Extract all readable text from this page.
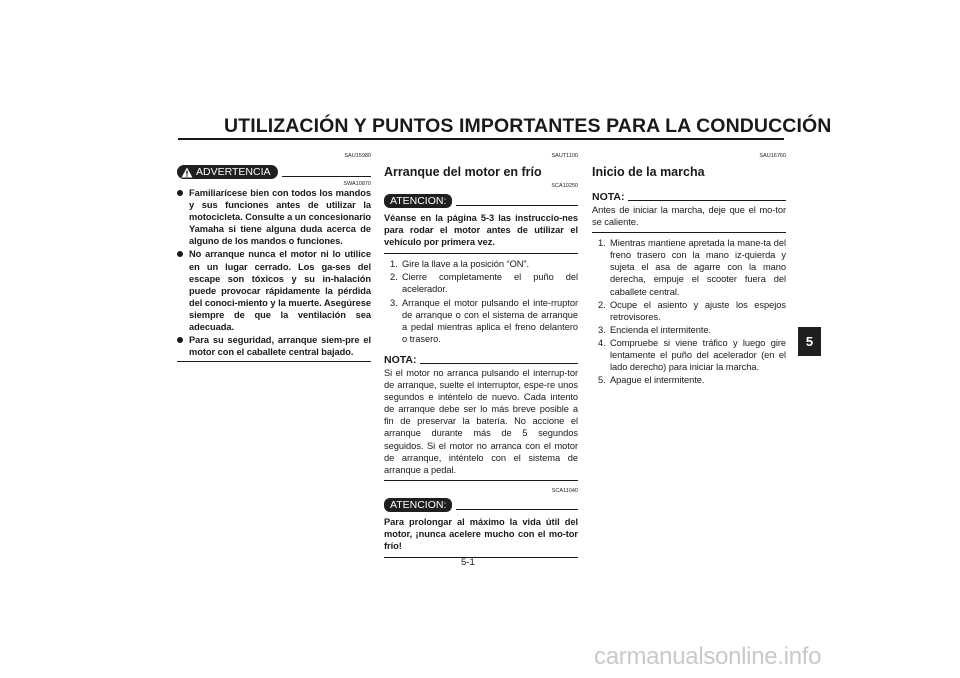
UTILIZACIÓN Y PUNTOS IMPORTANTES PARA LA CONDUCCIÓN
SAU15980
ADVERTENCIA
SWA10870
Familiarícese bien con todos los mandos y sus funciones antes de utilizar la motocicleta. Consulte a un concesionario Yamaha si tiene alguna duda acerca de alguno de los mandos o funciones.
No arranque nunca el motor ni lo utilice en un lugar cerrado. Los ga-ses del escape son tóxicos y su in-halación puede provocar rápidamente la pérdida del conoci-miento y la muerte. Asegúrese siempre de que la ventilación sea adecuada.
Para su seguridad, arranque siem-pre el motor con el caballete central bajado.
SAUT1100
Arranque del motor en frío
SCA10250
ATENCION:
Véanse en la página 5-3 las instruccio-nes para rodar el motor antes de utilizar el vehículo por primera vez.
1. Gire la llave a la posición “ON”.
2. Cierre completamente el puño del acelerador.
3. Arranque el motor pulsando el inte-rruptor de arranque o con el sistema de arranque a pedal mientras aplica el freno delantero o trasero.
NOTA:
Si el motor no arranca pulsando el interrup-tor de arranque, suelte el interruptor, espe-re unos segundos e inténtelo de nuevo. Cada intento de arranque debe ser lo más breve posible a fin de preservar la batería. No accione el arranque durante más de 5 segundos seguidos. Si el motor no arranca con el motor de arranque, inténtelo con el sistema de arranque a pedal.
SCA11040
ATENCION:
Para prolongar al máximo la vida útil del motor, ¡nunca acelere mucho con el mo-tor frío!
SAU16760
Inicio de la marcha
NOTA:
Antes de iniciar la marcha, deje que el mo-tor se caliente.
1. Mientras mantiene apretada la mane-ta del freno trasero con la mano iz-quierda y sujeta el asa de agarre con la mano derecha, empuje el scooter fuera del caballete central.
2. Ocupe el asiento y ajuste los espejos retrovisores.
3. Encienda el intermitente.
4. Compruebe si viene tráfico y luego gire lentamente el puño del acelerador (en el lado derecho) para iniciar la marcha.
5. Apague el intermitente.
5
5-1
carmanualsonline.info
